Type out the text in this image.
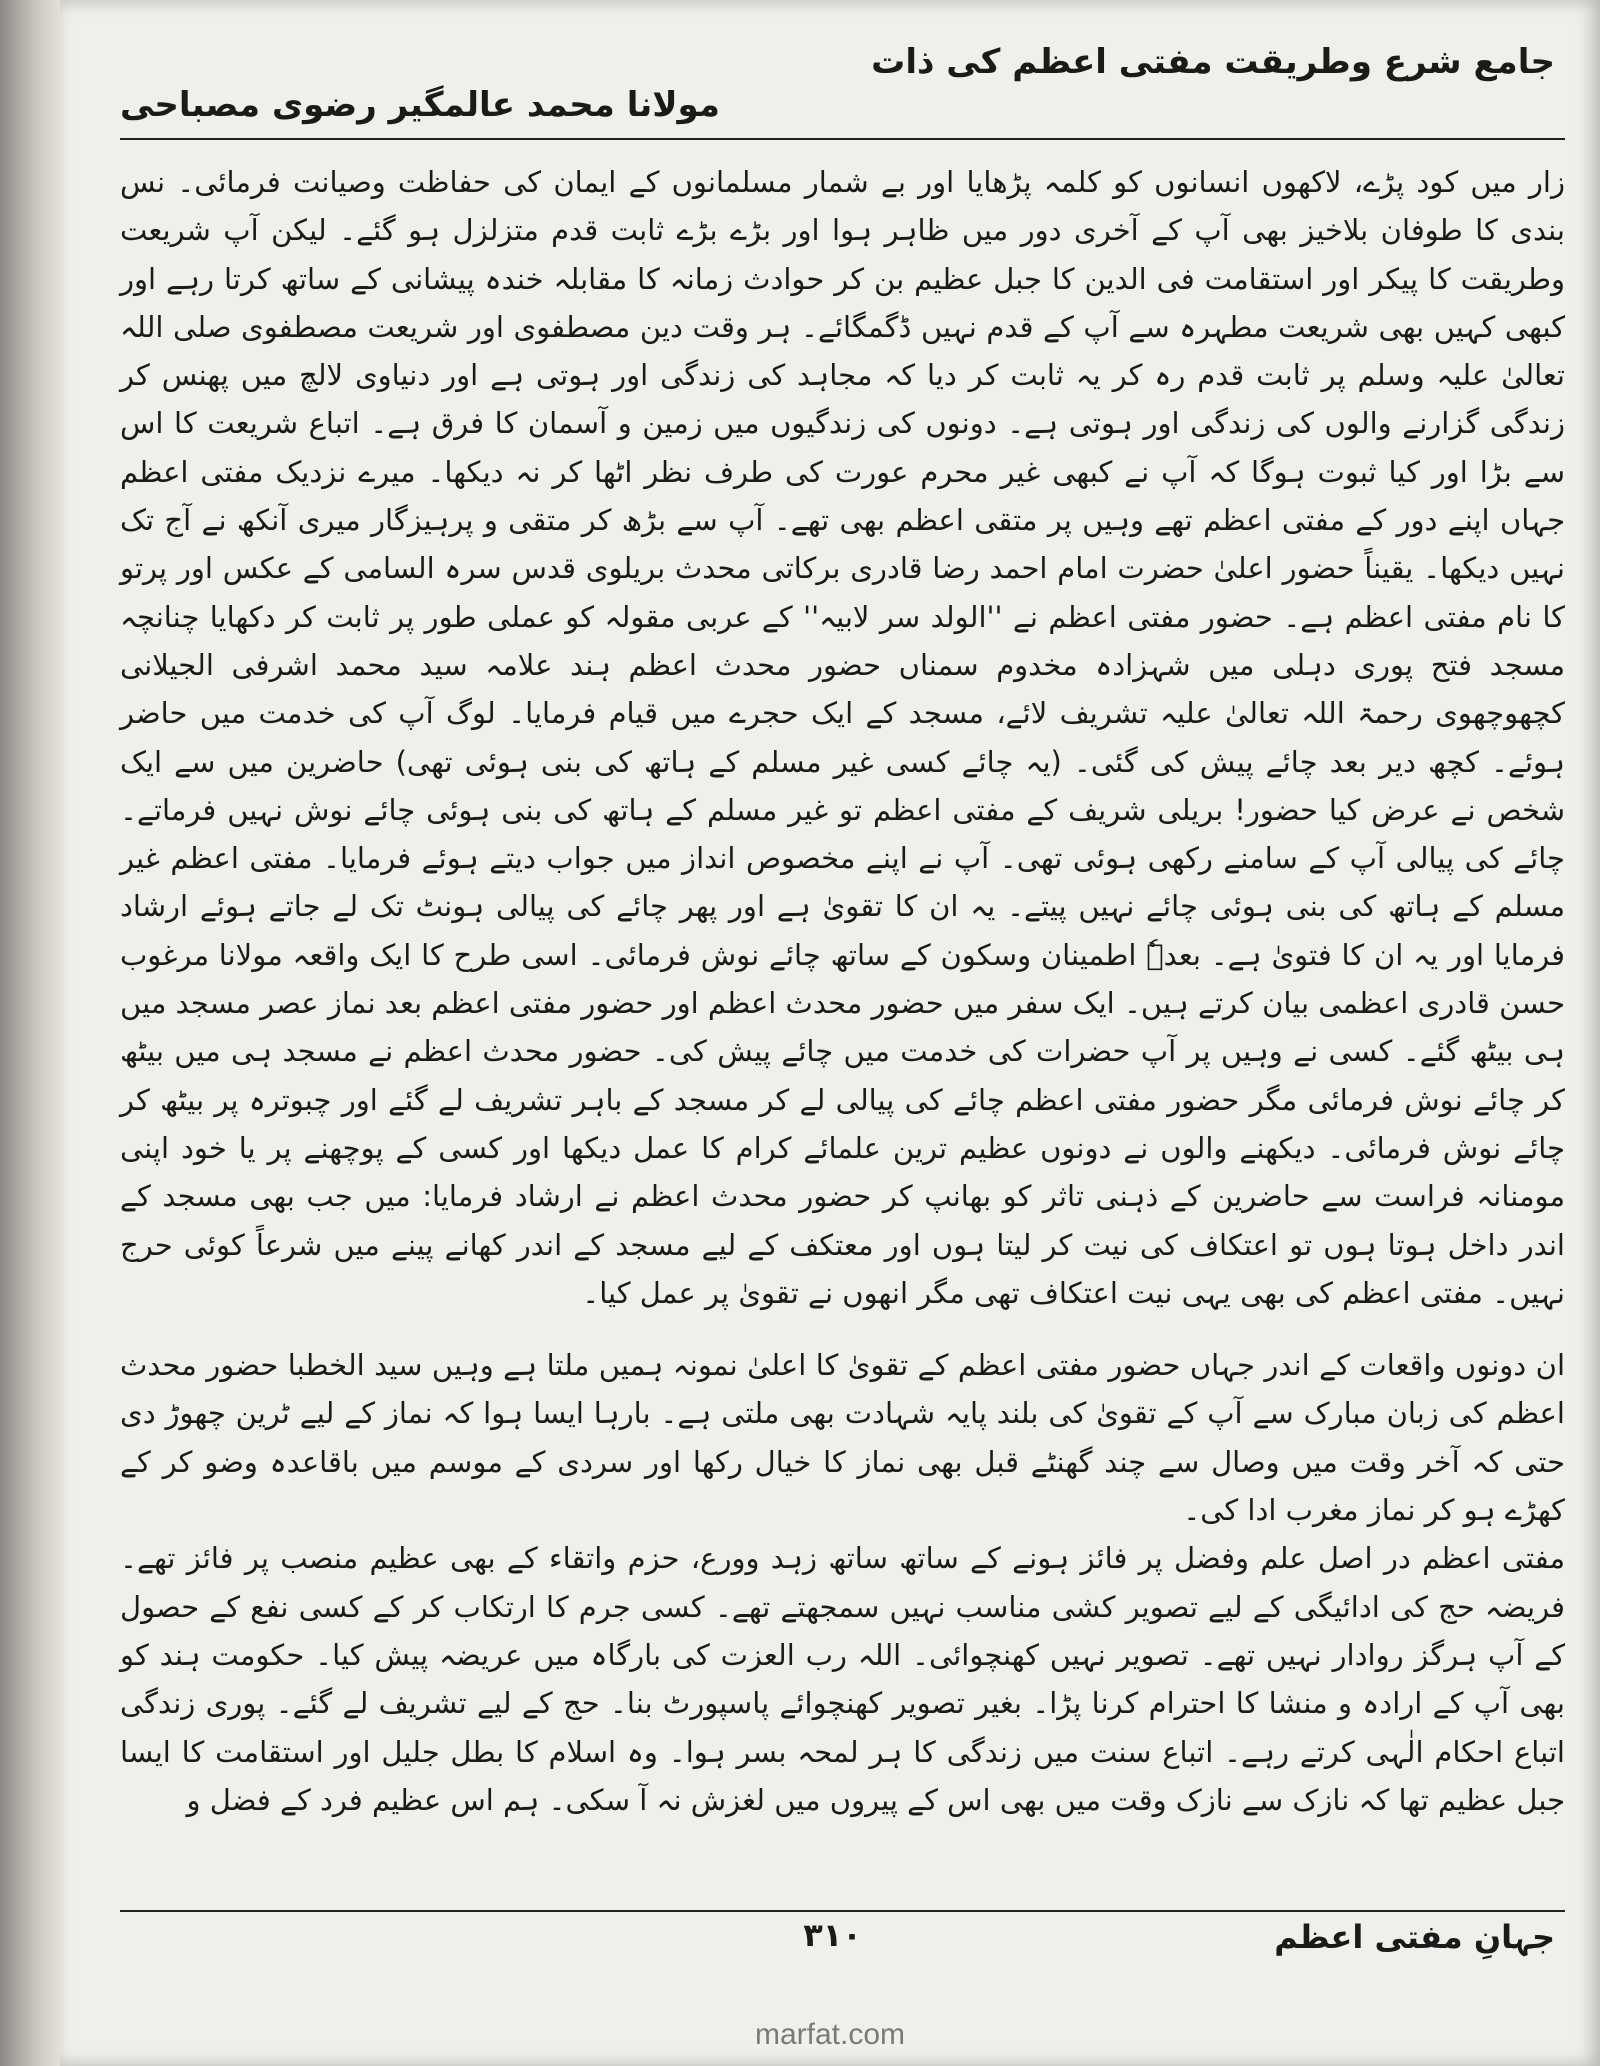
جامع شرع وطریقت مفتی اعظم کی ذات
مولانا محمد عالمگیر رضوی مصباحی

زار میں کود پڑے، لاکھوں انسانوں کو کلمہ پڑھایا اور بے شمار مسلمانوں کے ایمان کی حفاظت وصیانت فرمائی۔ نس بندی کا طوفان بلاخیز بھی آپ کے آخری دور میں ظاہر ہوا اور بڑے بڑے ثابت قدم متزلزل ہو گئے۔ لیکن آپ شریعت وطریقت کا پیکر اور استقامت فی الدین کا جبل عظیم بن کر حوادث زمانہ کا مقابلہ خندہ پیشانی کے ساتھ کرتا رہے اور کبھی کہیں بھی شریعت مطہرہ سے آپ کے قدم نہیں ڈگمگائے۔ ہر وقت دین مصطفوی اور شریعت مصطفوی صلی اللہ تعالیٰ علیہ وسلم پر ثابت قدم رہ کر یہ ثابت کر دیا کہ مجاہد کی زندگی اور ہوتی ہے اور دنیاوی لالچ میں پھنس کر زندگی گزارنے والوں کی زندگی اور ہوتی ہے۔ دونوں کی زندگیوں میں زمین و آسمان کا فرق ہے۔ اتباع شریعت کا اس سے بڑا اور کیا ثبوت ہوگا کہ آپ نے کبھی غیر محرم عورت کی طرف نظر اٹھا کر نہ دیکھا۔ میرے نزدیک مفتی اعظم جہاں اپنے دور کے مفتی اعظم تھے وہیں پر متقی اعظم بھی تھے۔ آپ سے بڑھ کر متقی و پرہیزگار میری آنکھ نے آج تک نہیں دیکھا۔ یقیناً حضور اعلیٰ حضرت امام احمد رضا قادری برکاتی محدث بریلوی قدس سرہ السامی کے عکس اور پرتو کا نام مفتی اعظم ہے۔ حضور مفتی اعظم نے ''الولد سر لابیہ'' کے عربی مقولہ کو عملی طور پر ثابت کر دکھایا چنانچہ مسجد فتح پوری دہلی میں شہزادہ مخدوم سمناں حضور محدث اعظم ہند علامہ سید محمد اشرفی الجیلانی کچھوچھوی رحمۃ اللہ تعالیٰ علیہ تشریف لائے، مسجد کے ایک حجرے میں قیام فرمایا۔ لوگ آپ کی خدمت میں حاضر ہوئے۔ کچھ دیر بعد چائے پیش کی گئی۔ (یہ چائے کسی غیر مسلم کے ہاتھ کی بنی ہوئی تھی) حاضرین میں سے ایک شخص نے عرض کیا حضور! بریلی شریف کے مفتی اعظم تو غیر مسلم کے ہاتھ کی بنی ہوئی چائے نوش نہیں فرماتے۔ چائے کی پیالی آپ کے سامنے رکھی ہوئی تھی۔ آپ نے اپنے مخصوص انداز میں جواب دیتے ہوئے فرمایا۔ مفتی اعظم غیر مسلم کے ہاتھ کی بنی ہوئی چائے نہیں پیتے۔ یہ ان کا تقویٰ ہے اور پھر چائے کی پیالی ہونٹ تک لے جاتے ہوئے ارشاد فرمایا اور یہ ان کا فتویٰ ہے۔ بعدہٗ اطمینان وسکون کے ساتھ چائے نوش فرمائی۔ اسی طرح کا ایک واقعہ مولانا مرغوب حسن قادری اعظمی بیان کرتے ہیں۔ ایک سفر میں حضور محدث اعظم اور حضور مفتی اعظم بعد نماز عصر مسجد میں ہی بیٹھ گئے۔ کسی نے وہیں پر آپ حضرات کی خدمت میں چائے پیش کی۔ حضور محدث اعظم نے مسجد ہی میں بیٹھ کر چائے نوش فرمائی مگر حضور مفتی اعظم چائے کی پیالی لے کر مسجد کے باہر تشریف لے گئے اور چبوترہ پر بیٹھ کر چائے نوش فرمائی۔ دیکھنے والوں نے دونوں عظیم ترین علمائے کرام کا عمل دیکھا اور کسی کے پوچھنے پر یا خود اپنی مومنانہ فراست سے حاضرین کے ذہنی تاثر کو بھانپ کر حضور محدث اعظم نے ارشاد فرمایا: میں جب بھی مسجد کے اندر داخل ہوتا ہوں تو اعتکاف کی نیت کر لیتا ہوں اور معتکف کے لیے مسجد کے اندر کھانے پینے میں شرعاً کوئی حرج نہیں۔ مفتی اعظم کی بھی یہی نیت اعتکاف تھی مگر انھوں نے تقویٰ پر عمل کیا۔

ان دونوں واقعات کے اندر جہاں حضور مفتی اعظم کے تقویٰ کا اعلیٰ نمونہ ہمیں ملتا ہے وہیں سید الخطبا حضور محدث اعظم کی زبان مبارک سے آپ کے تقویٰ کی بلند پایہ شہادت بھی ملتی ہے۔ بارہا ایسا ہوا کہ نماز کے لیے ٹرین چھوڑ دی حتی کہ آخر وقت میں وصال سے چند گھنٹے قبل بھی نماز کا خیال رکھا اور سردی کے موسم میں باقاعدہ وضو کر کے کھڑے ہو کر نماز مغرب ادا کی۔

مفتی اعظم در اصل علم وفضل پر فائز ہونے کے ساتھ ساتھ زہد وورع، حزم واتقاء کے بھی عظیم منصب پر فائز تھے۔ فریضہ حج کی ادائیگی کے لیے تصویر کشی مناسب نہیں سمجھتے تھے۔ کسی جرم کا ارتکاب کر کے کسی نفع کے حصول کے آپ ہرگز روادار نہیں تھے۔ تصویر نہیں کھنچوائی۔ اللہ رب العزت کی بارگاہ میں عریضہ پیش کیا۔ حکومت ہند کو بھی آپ کے ارادہ و منشا کا احترام کرنا پڑا۔ بغیر تصویر کھنچوائے پاسپورٹ بنا۔ حج کے لیے تشریف لے گئے۔ پوری زندگی اتباع احکام الٰہی کرتے رہے۔ اتباع سنت میں زندگی کا ہر لمحہ بسر ہوا۔ وہ اسلام کا بطل جلیل اور استقامت کا ایسا جبل عظیم تھا کہ نازک سے نازک وقت میں بھی اس کے پیروں میں لغزش نہ آ سکی۔ ہم اس عظیم فرد کے فضل و

جہانِ مفتی اعظم
۳۱۰
marfat.com
